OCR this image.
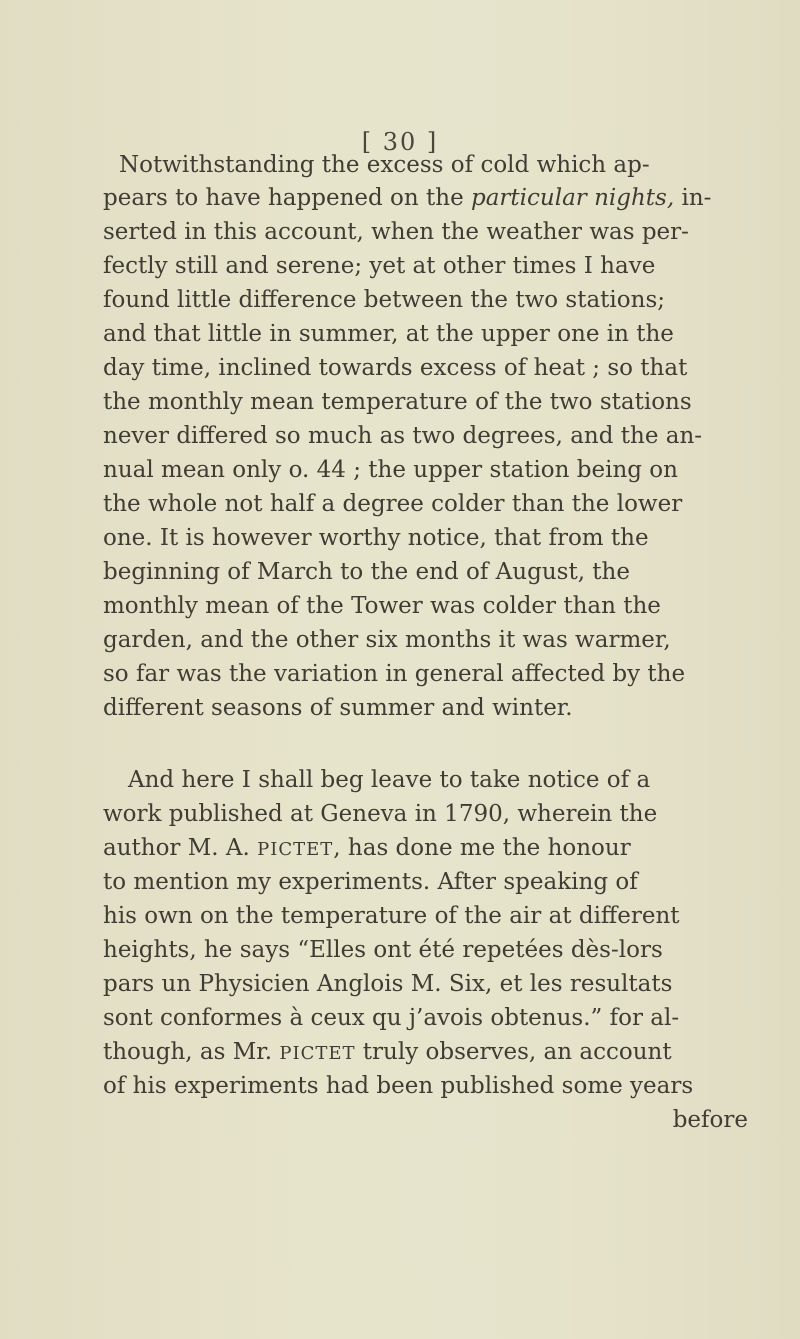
[ 30 ]
Notwithstanding the excess of cold which ap-
pears to have happened on the particular nights, in-
serted in this account, when the weather was per-
fectly still and serene; yet at other times I have
found little difference between the two stations;
and that little in summer, at the upper one in the
day time, inclined towards excess of heat ; so that
the monthly mean temperature of the two stations
never differed so much as two degrees, and the an-
nual mean only o. 44 ; the upper station being on
the whole not half a degree colder than the lower
one. It is however worthy notice, that from the
beginning of March to the end of August, the
monthly mean of the Tower was colder than the
garden, and the other six months it was warmer,
so far was the variation in general affected by the
different seasons of summer and winter.
And here I shall beg leave to take notice of a
work published at Geneva in 1790, wherein the
author M. A. PICTET, has done me the honour
to mention my experiments. After speaking of
his own on the temperature of the air at different
heights, he says “Elles ont été repetées dès-lors
pars un Physicien Anglois M. Six, et les resultats
sont conformes à ceux qu j’avois obtenus.” for al-
though, as Mr. PICTET truly observes, an account
of his experiments had been published some years
before
